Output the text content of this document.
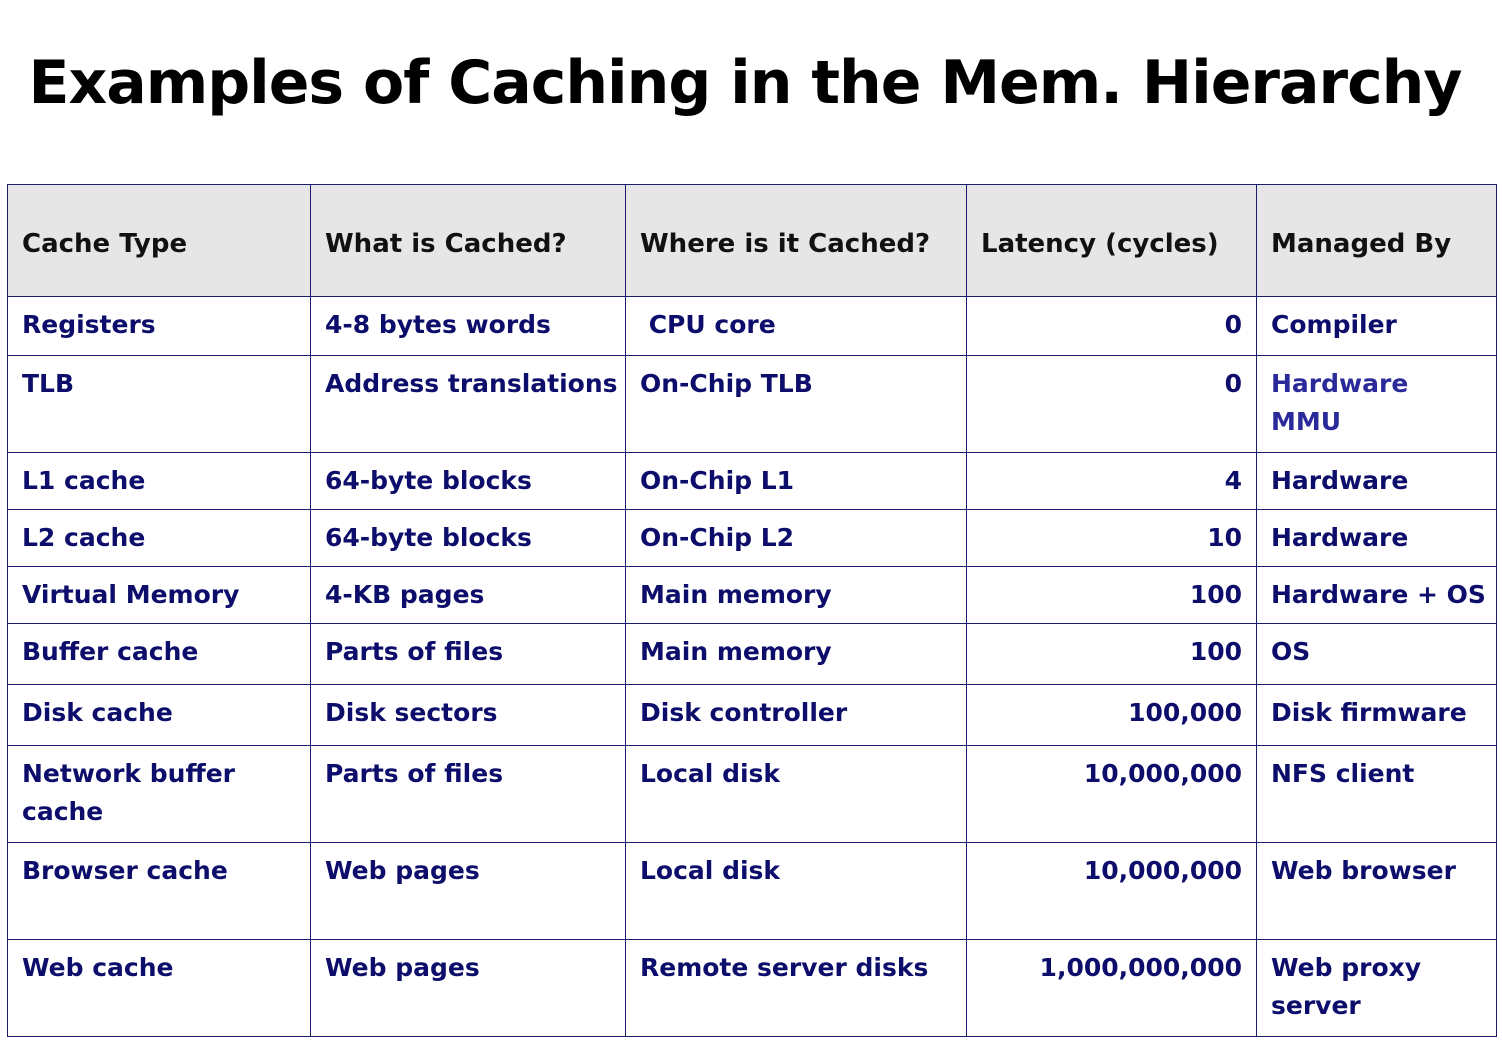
Examples of Caching in the Mem. Hierarchy
Cache Type	What is Cached?	Where is it Cached?	Latency (cycles)	Managed By
Registers	4-8 bytes words	CPU core	0	Compiler
TLB	Address translations	On-Chip TLB	0	Hardware MMU
L1 cache	64-byte blocks	On-Chip L1	4	Hardware
L2 cache	64-byte blocks	On-Chip L2	10	Hardware
Virtual Memory	4-KB pages	Main memory	100	Hardware + OS
Buffer cache	Parts of files	Main memory	100	OS
Disk cache	Disk sectors	Disk controller	100,000	Disk firmware
Network buffer cache	Parts of files	Local disk	10,000,000	NFS client
Browser cache	Web pages	Local disk	10,000,000	Web browser
Web cache	Web pages	Remote server disks	1,000,000,000	Web proxy server
